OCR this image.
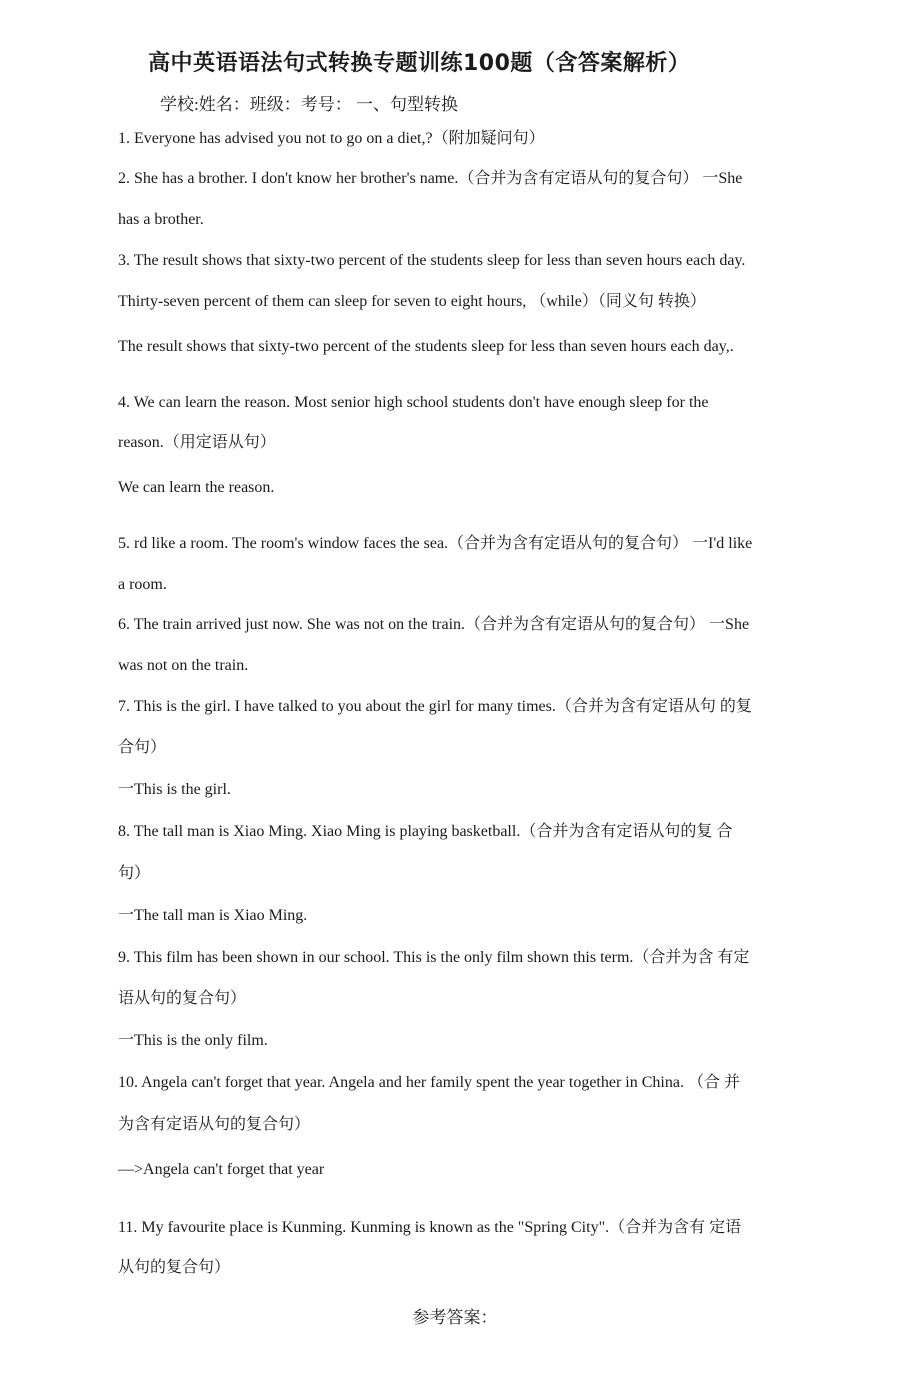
高中英语语法句式转换专题训练100题（含答案解析）
学校:姓名：班级：考号： 一、句型转换
1. Everyone has advised you not to go on a diet,?（附加疑问句）
2. She has a brother. I don't know her brother's name.（合并为含有定语从句的复合句） 一She
has a brother.
3. The result shows that sixty-two percent of the students sleep for less than seven hours each day.
Thirty-seven percent of them can sleep for seven to eight hours, （while）（同义句 转换）
The result shows that sixty-two percent of the students sleep for less than seven hours each day,.
4. We can learn the reason. Most senior high school students don't have enough sleep for the
reason.（用定语从句）
We can learn the reason.
5. rd like a room. The room's window faces the sea.（合并为含有定语从句的复合句） 一I'd like
a room.
6. The train arrived just now. She was not on the train.（合并为含有定语从句的复合句） 一She
was not on the train.
7. This is the girl. I have talked to you about the girl for many times.（合并为含有定语从句 的复
合句）
一This is the girl.
8. The tall man is Xiao Ming. Xiao Ming is playing basketball.（合并为含有定语从句的复 合
句）
一The tall man is Xiao Ming.
9. This film has been shown in our school. This is the only film shown this term.（合并为含 有定
语从句的复合句）
一This is the only film.
10. Angela can't forget that year. Angela and her family spent the year together in China. （合 并
为含有定语从句的复合句）
—>Angela can't forget that year
11. My favourite place is Kunming. Kunming is known as the "Spring City".（合并为含有 定语
从句的复合句）
参考答案：
